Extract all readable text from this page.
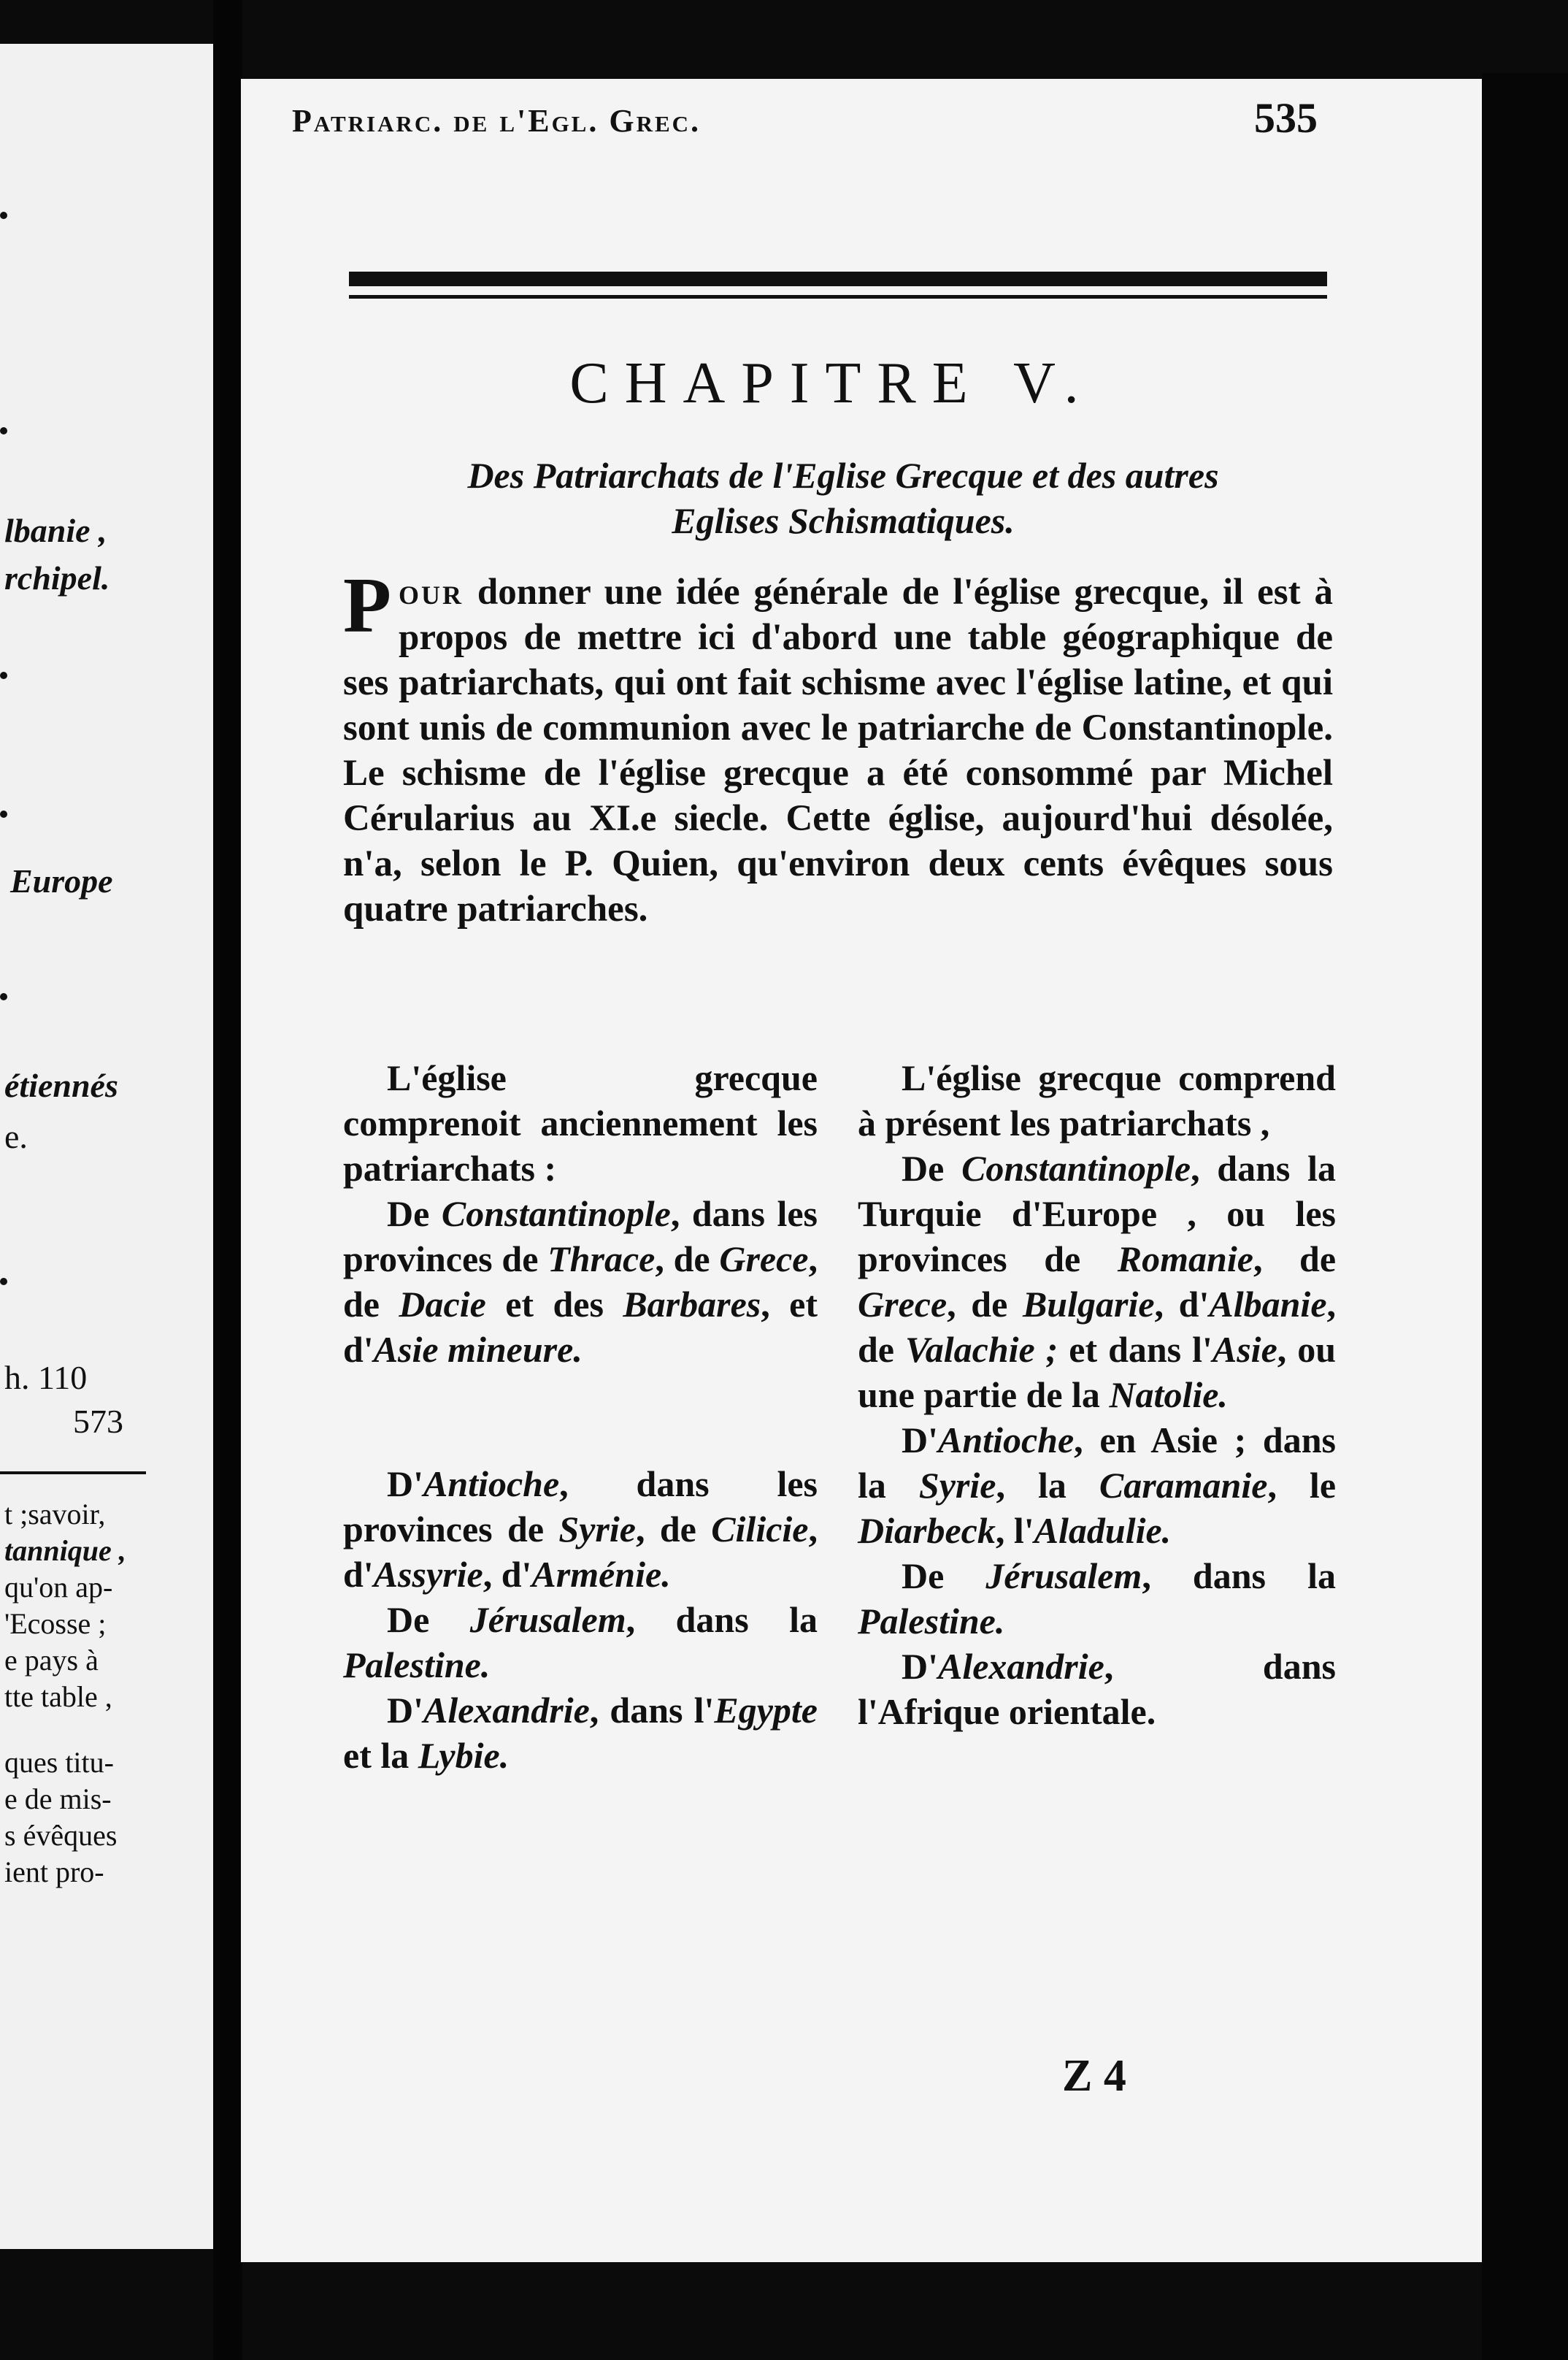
lbanie ,
rchipel.
Europe
étiennés
e.
h. 110
573
t ;savoir,
tannique ,
qu'on ap-
'Ecosse ;
e pays à
tte table ,
ques titu-
e de mis-
s évêques
ient pro-
Patriarc. de l'Egl. Grec.	535
CHAPITRE V.
Des Patriarchats de l'Eglise Grecque et des autres
Eglises Schismatiques.
P our donner une idée générale de l'église grecque, il est à propos de mettre ici d'abord une table géographique de ses patriarchats, qui ont fait schisme avec l'église latine, et qui sont unis de communion avec le patriarche de Constantinople. Le schisme de l'église grecque a été consommé par Michel Cérularius au XI.e siecle. Cette église, aujourd'hui désolée, n'a, selon le P. Quien, qu'environ deux cents évêques sous quatre patriarches.

L'église grecque comprenoit anciennement les patriarchats :

De Constantinople, dans les provinces de Thrace, de Grece, de Dacie et des Barbares, et d'Asie mineure.

D'Antioche, dans les provinces de Syrie, de Cilicie, d'Assyrie, d'Arménie.

De Jérusalem, dans la Palestine.

D'Alexandrie, dans l'Egypte et la Lybie.

L'église grecque comprend à présent les patriarchats ,

De Constantinople, dans la Turquie d'Europe , ou les provinces de Romanie, de Grece, de Bulgarie, d'Albanie, de Valachie ; et dans l'Asie, ou une partie de la Natolie.

D'Antioche, en Asie ; dans la Syrie, la Caramanie, le Diarbeck, l'Aladulie.

De Jérusalem, dans la Palestine.

D'Alexandrie, dans l'Afrique orientale.

Z 4
